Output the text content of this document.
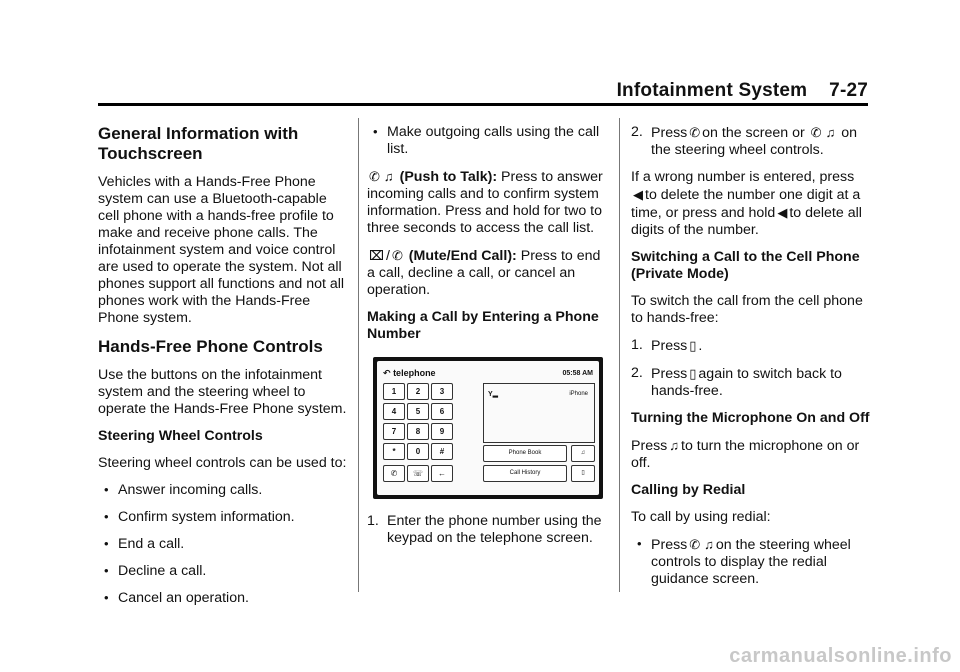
Infotainment System 7-27
General Information with Touchscreen

Vehicles with a Hands-Free Phone system can use a Bluetooth-capable cell phone with a hands-free profile to make and receive phone calls. The infotainment system and voice control are used to operate the system. Not all phones support all functions and not all phones work with the Hands-Free Phone system.

Hands-Free Phone Controls

Use the buttons on the infotainment system and the steering wheel to operate the Hands-Free Phone system.

Steering Wheel Controls

Steering wheel controls can be used to:

• Answer incoming calls.
• Confirm system information.
• End a call.
• Decline a call.
• Cancel an operation.
• Make outgoing calls using the call list.

✆ ♫ (Push to Talk): Press to answer incoming calls and to confirm system information. Press and hold for two to three seconds to access the call list.

⌧ / ✆ (Mute/End Call): Press to end a call, decline a call, or cancel an operation.

Making a Call by Entering a Phone Number

↶ telephone	05:58 AM
1	2	3
4	5	6
7	8	9
*	0	#
✆	☏	←
Y▂	iPhone
Phone Book
Call History
♫
▯
1. Enter the phone number using the keypad on the telephone screen.
2. Press ✆ on the screen or ✆ ♫ on the steering wheel controls.

If a wrong number is entered, press ◀ to delete the number one digit at a time, or press and hold ◀ to delete all digits of the number.

Switching a Call to the Cell Phone (Private Mode)

To switch the call from the cell phone to hands-free:

1. Press ▯ .
2. Press ▯ again to switch back to hands-free.

Turning the Microphone On and Off

Press ♫ to turn the microphone on or off.

Calling by Redial

To call by using redial:

• Press ✆ ♫ on the steering wheel controls to display the redial guidance screen.
carmanualsonline.info
